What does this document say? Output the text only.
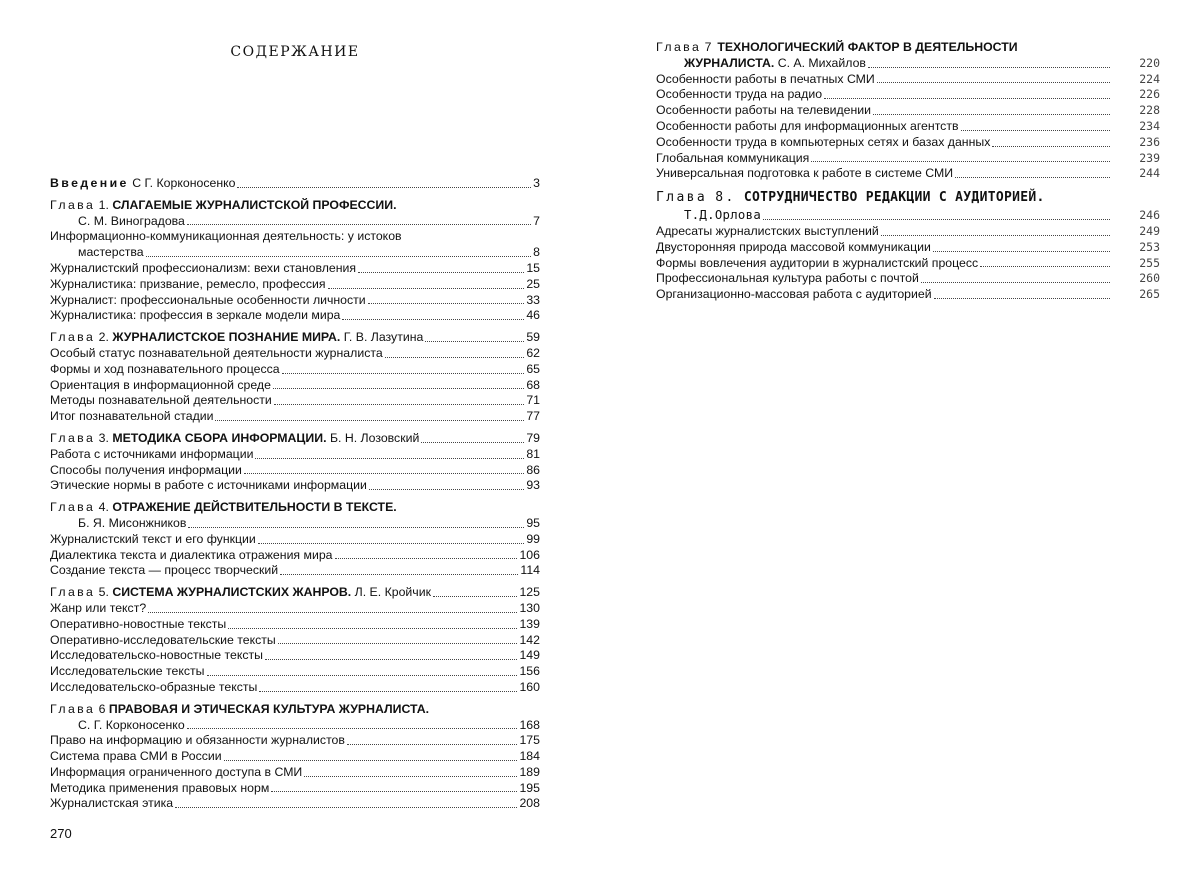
СОДЕРЖАНИЕ
Введение С Г. Корконосенко	3
Глава 1. СЛАГАЕМЫЕ ЖУРНАЛИСТСКОЙ ПРОФЕССИИ.
С. М. Виноградова	7
Информационно-коммуникационная деятельность: у истоков
мастерства	8
Журналистский профессионализм: вехи становления	15
Журналистика: призвание, ремесло, профессия	25
Журналист: профессиональные особенности личности	33
Журналистика: профессия в зеркале модели мира	46
Глава 2. ЖУРНАЛИСТСКОЕ ПОЗНАНИЕ МИРА. Г. В. Лазутина	59
Особый статус познавательной деятельности журналиста	62
Формы и ход познавательного процесса	65
Ориентация в информационной среде	68
Методы познавательной деятельности	71
Итог познавательной стадии	77
Глава 3. МЕТОДИКА СБОРА ИНФОРМАЦИИ. Б. Н. Лозовский	79
Работа с источниками информации	81
Способы получения информации	86
Этические нормы в работе с источниками информации	93
Глава 4. ОТРАЖЕНИЕ ДЕЙСТВИТЕЛЬНОСТИ В ТЕКСТЕ.
Б. Я. Мисонжников	95
Журналистский текст и его функции	99
Диалектика текста и диалектика отражения мира	106
Создание текста — процесс творческий	114
Глава 5. СИСТЕМА ЖУРНАЛИСТСКИХ ЖАНРОВ. Л. Е. Кройчик	125
Жанр или текст?	130
Оперативно-новостные тексты	139
Оперативно-исследовательские тексты	142
Исследовательско-новостные тексты	149
Исследовательские тексты	156
Исследовательско-образные тексты	160
Глава 6 ПРАВОВАЯ И ЭТИЧЕСКАЯ КУЛЬТУРА ЖУРНАЛИСТА.
С. Г. Корконосенко	168
Право на информацию и обязанности журналистов	175
Система права СМИ в России	184
Информация ограниченного доступа в СМИ	189
Методика применения правовых норм	195
Журналистская этика	208
270
Глава 7 ТЕХНОЛОГИЧЕСКИЙ ФАКТОР В ДЕЯТЕЛЬНОСТИ
ЖУРНАЛИСТА. С. А. Михайлов	220
Особенности работы в печатных СМИ	224
Особенности труда на радио	226
Особенности работы на телевидении	228
Особенности работы для информационных агентств	234
Особенности труда в компьютерных сетях и базах данных	236
Глобальная коммуникация	239
Универсальная подготовка к работе в системе СМИ	244
Глава 8. СОТРУДНИЧЕСТВО РЕДАКЦИИ С АУДИТОРИЕЙ.
Т.Д.Орлова	246
Адресаты журналистских выступлений	249
Двусторонняя природа массовой коммуникации	253
Формы вовлечения аудитории в журналистский процесс	255
Профессиональная культура работы с почтой	260
Организационно-массовая работа с аудиторией	265
